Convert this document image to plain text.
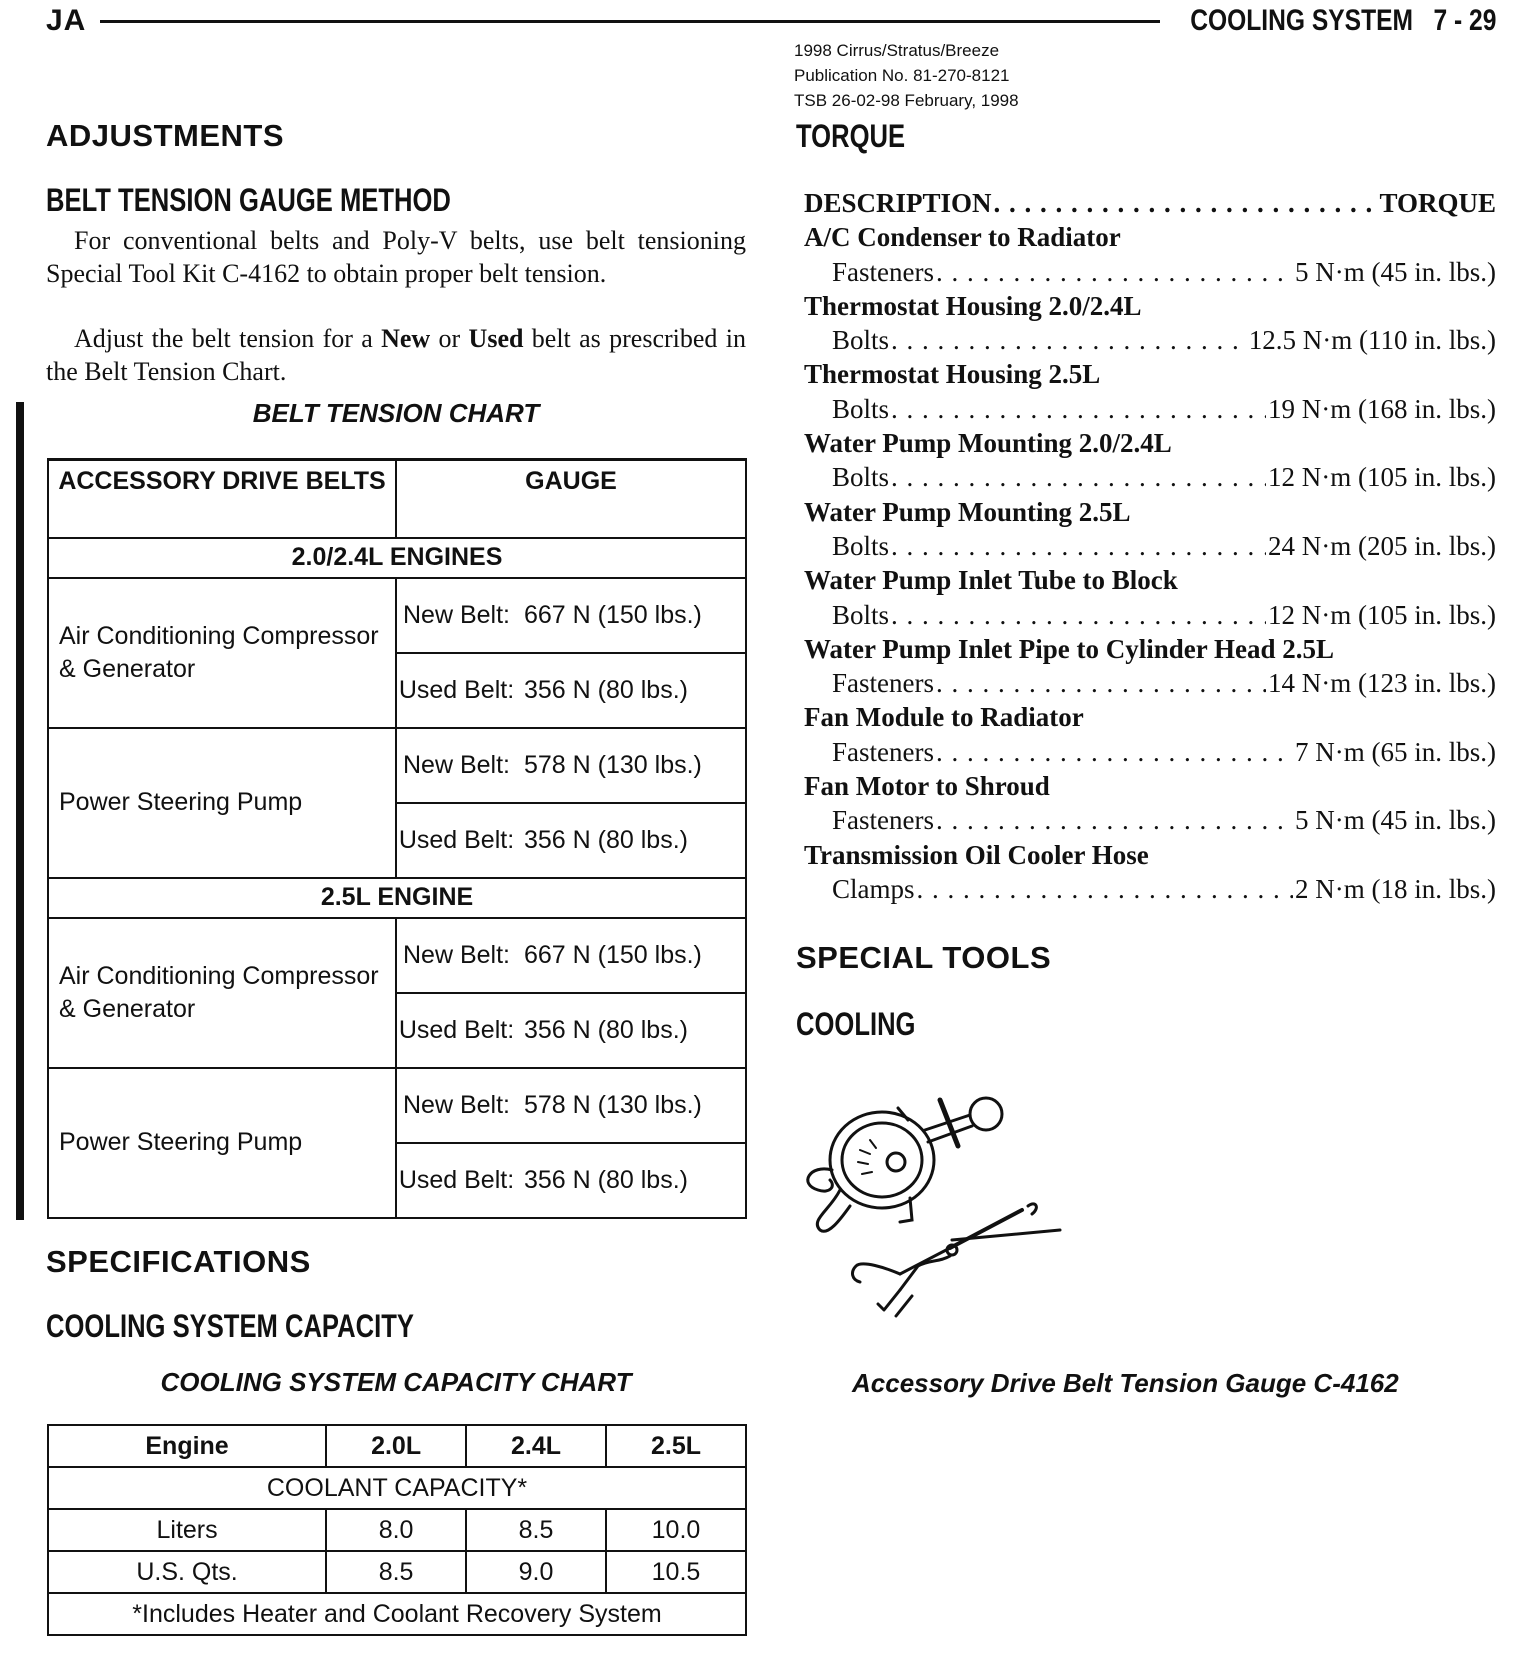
JA	COOLING SYSTEM 7 - 29
1998 Cirrus/Stratus/Breeze
Publication No. 81-270-8121
TSB 26-02-98 February, 1998
ADJUSTMENTS
BELT TENSION GAUGE METHOD
For conventional belts and Poly-V belts, use belt tensioning Special Tool Kit C-4162 to obtain proper belt tension.
Adjust the belt tension for a New or Used belt as prescribed in the Belt Tension Chart.
BELT TENSION CHART
ACCESSORY DRIVE BELTS	GAUGE	
2.0/2.4L ENGINES		
Air Conditioning Compressor & Generator	New Belt:	667 N (150 lbs.)
	Used Belt:	356 N (80 lbs.)
Power Steering Pump	New Belt:	578 N (130 lbs.)
	Used Belt:	356 N (80 lbs.)
2.5L ENGINE		
Air Conditioning Compressor & Generator	New Belt:	667 N (150 lbs.)
	Used Belt:	356 N (80 lbs.)
Power Steering Pump	New Belt:	578 N (130 lbs.)
	Used Belt:	356 N (80 lbs.)
SPECIFICATIONS
COOLING SYSTEM CAPACITY
COOLING SYSTEM CAPACITY CHART
Engine	2.0L	2.4L	2.5L
COOLANT CAPACITY*			
Liters	8.0	8.5	10.0
U.S. Qts.	8.5	9.0	10.5
*Includes Heater and Coolant Recovery System			
TORQUE
DESCRIPTION . . .	TORQUE
A/C Condenser to Radiator
Fasteners . . .	5 N·m (45 in. lbs.)
Thermostat Housing 2.0/2.4L
Bolts . . .	12.5 N·m (110 in. lbs.)
Thermostat Housing 2.5L
Bolts . . .	19 N·m (168 in. lbs.)
Water Pump Mounting 2.0/2.4L
Bolts . . .	12 N·m (105 in. lbs.)
Water Pump Mounting 2.5L
Bolts . . .	24 N·m (205 in. lbs.)
Water Pump Inlet Tube to Block
Bolts . . .	12 N·m (105 in. lbs.)
Water Pump Inlet Pipe to Cylinder Head 2.5L
Fasteners . . .	14 N·m (123 in. lbs.)
Fan Module to Radiator
Fasteners . . .	7 N·m (65 in. lbs.)
Fan Motor to Shroud
Fasteners . . .	5 N·m (45 in. lbs.)
Transmission Oil Cooler Hose
Clamps . . .	2 N·m (18 in. lbs.)
SPECIAL TOOLS
COOLING
Accessory Drive Belt Tension Gauge C-4162
